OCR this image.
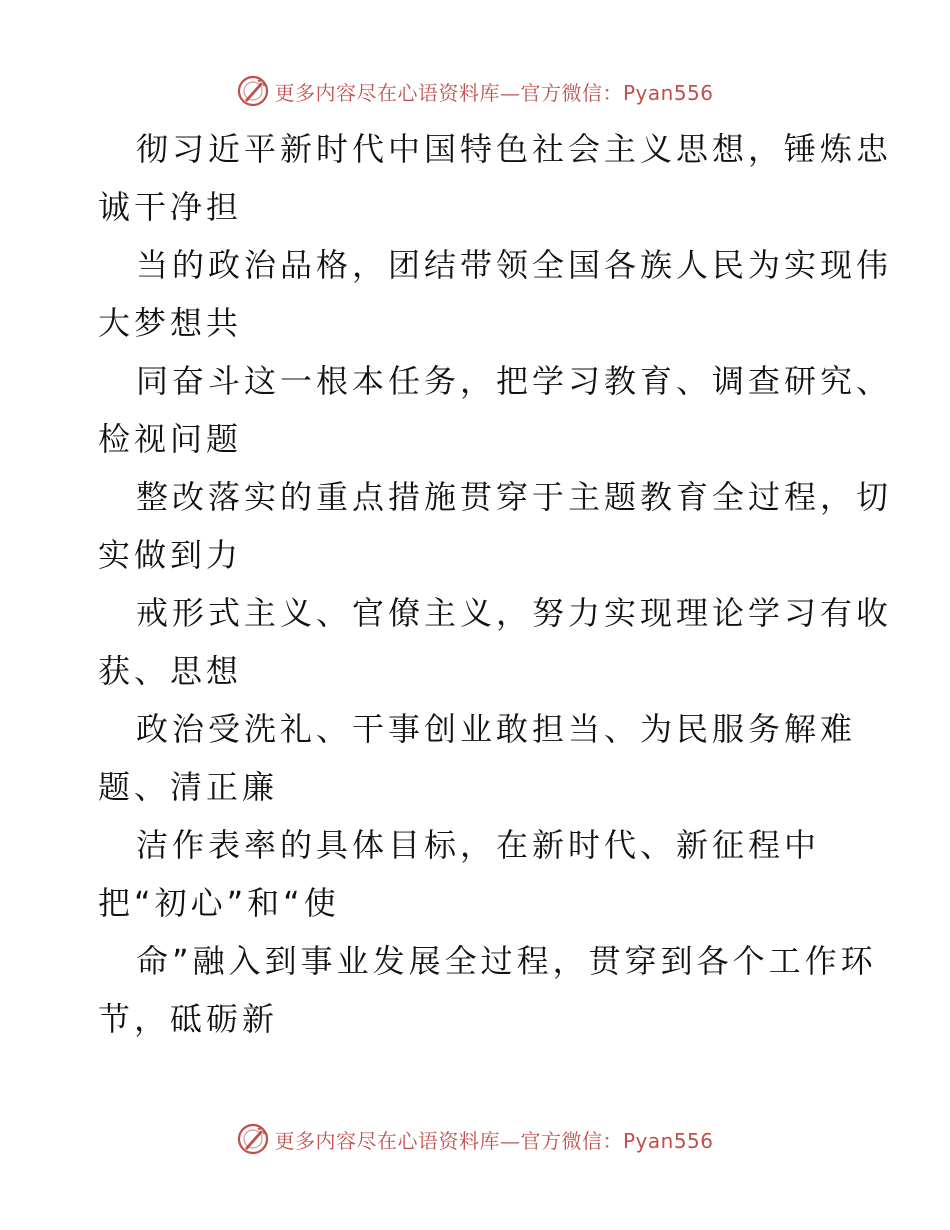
更多内容尽在心语资料库—官方微信：Pyan556
彻习近平新时代中国特色社会主义思想，锤炼忠
诚干净担
当的政治品格，团结带领全国各族人民为实现伟
大梦想共
同奋斗这一根本任务，把学习教育、调查研究、
检视问题
整改落实的重点措施贯穿于主题教育全过程，切
实做到力
戒形式主义、官僚主义，努力实现理论学习有收
获、思想
政治受洗礼、干事创业敢担当、为民服务解难
题、清正廉
洁作表率的具体目标，在新时代、新征程中
把“初心”和“使
命”融入到事业发展全过程，贯穿到各个工作环
节，砥砺新
更多内容尽在心语资料库—官方微信：Pyan556
